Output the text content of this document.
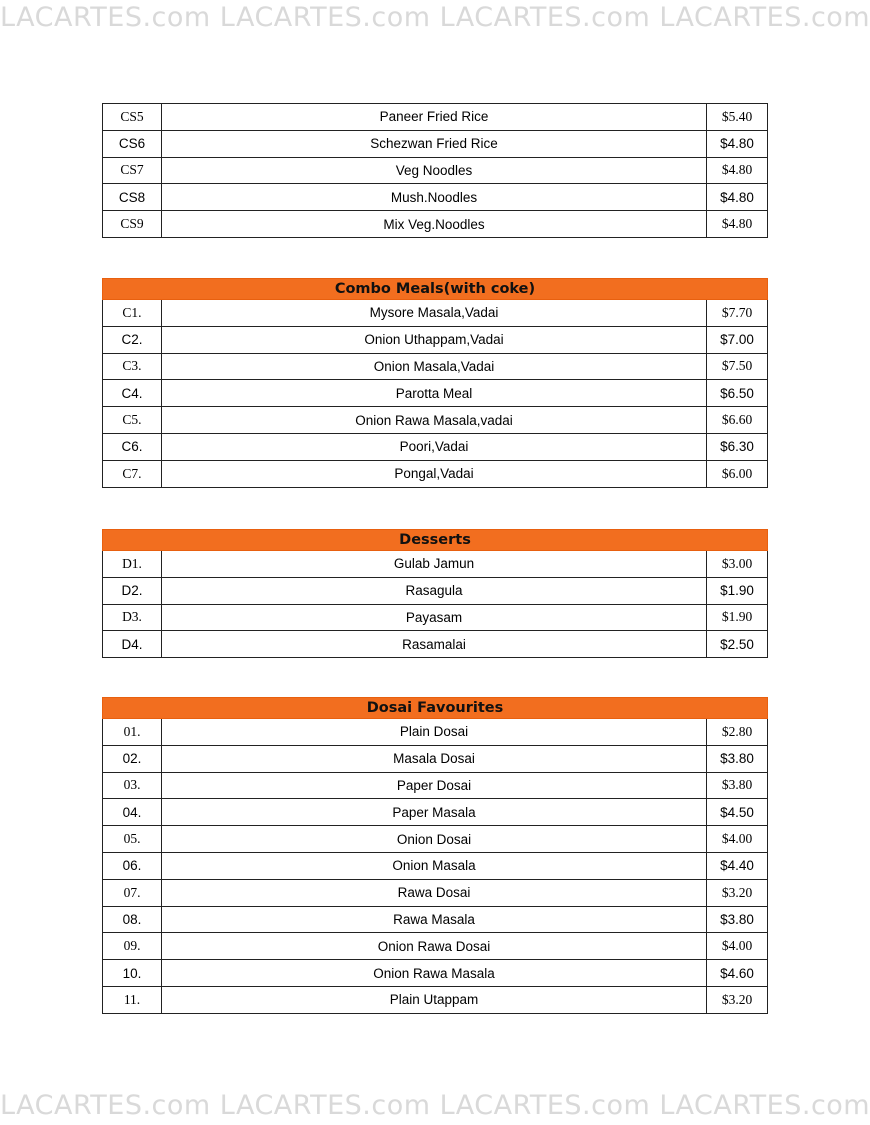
LACARTES.com LACARTES.com LACARTES.com LACARTES.com
CS5	Paneer Fried Rice	$5.40
CS6	Schezwan Fried Rice	$4.80
CS7	Veg Noodles	$4.80
CS8	Mush.Noodles	$4.80
CS9	Mix Veg.Noodles	$4.80
Combo Meals(with coke)		
C1.	Mysore Masala,Vadai	$7.70
C2.	Onion Uthappam,Vadai	$7.00
C3.	Onion Masala,Vadai	$7.50
C4.	Parotta Meal	$6.50
C5.	Onion Rawa Masala,vadai	$6.60
C6.	Poori,Vadai	$6.30
C7.	Pongal,Vadai	$6.00
Desserts		
D1.	Gulab Jamun	$3.00
D2.	Rasagula	$1.90
D3.	Payasam	$1.90
D4.	Rasamalai	$2.50
Dosai Favourites		
01.	Plain Dosai	$2.80
02.	Masala Dosai	$3.80
03.	Paper Dosai	$3.80
04.	Paper Masala	$4.50
05.	Onion Dosai	$4.00
06.	Onion Masala	$4.40
07.	Rawa Dosai	$3.20
08.	Rawa Masala	$3.80
09.	Onion Rawa Dosai	$4.00
10.	Onion Rawa Masala	$4.60
11.	Plain Utappam	$3.20
LACARTES.com LACARTES.com LACARTES.com LACARTES.com
